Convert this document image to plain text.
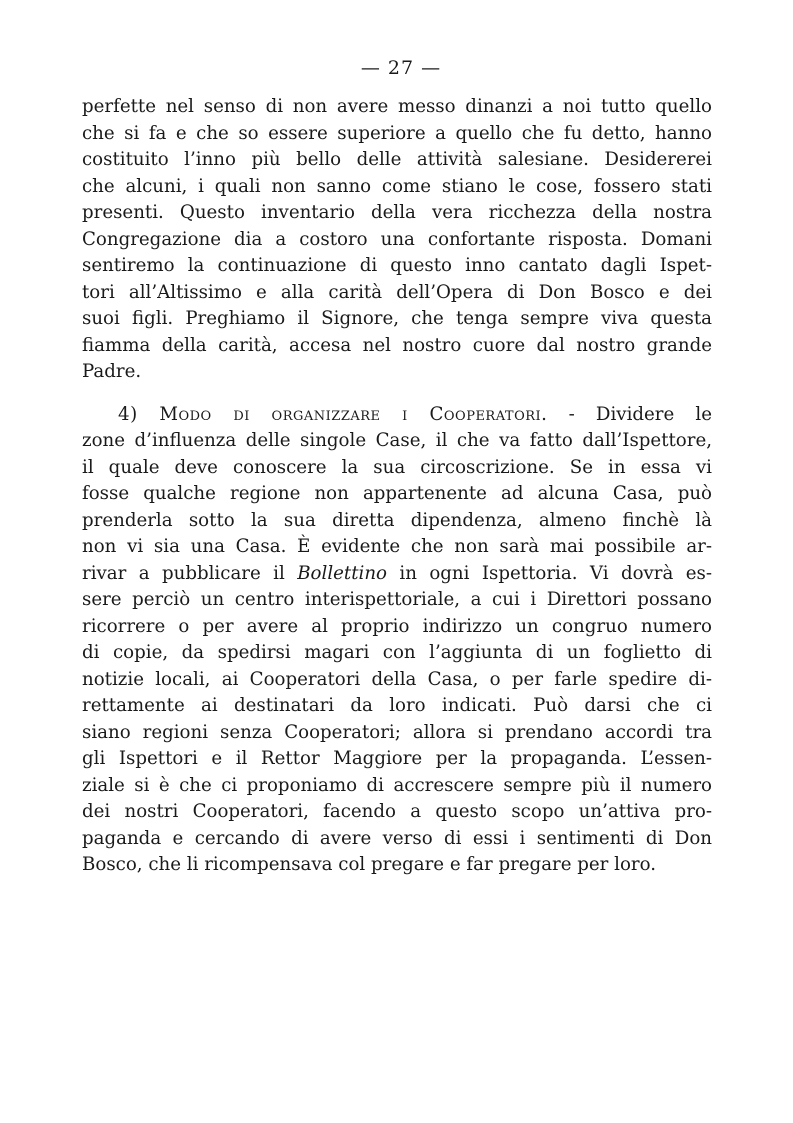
— 27 —

perfette nel senso di non avere messo dinanzi a noi tutto quello
che si fa e che so essere superiore a quello che fu detto, hanno
costituito l’inno più bello delle attività salesiane. Desidererei
che alcuni, i quali non sanno come stiano le cose, fossero stati
presenti. Questo inventario della vera ricchezza della nostra
Congregazione dia a costoro una confortante risposta. Domani
sentiremo la continuazione di questo inno cantato dagli Ispet-
tori all’Altissimo e alla carità dell’Opera di Don Bosco e dei
suoi figli. Preghiamo il Signore, che tenga sempre viva questa
fiamma della carità, accesa nel nostro cuore dal nostro grande
Padre.

4) Modo di organizzare i Cooperatori. - Dividere le
zone d’influenza delle singole Case, il che va fatto dall’Ispettore,
il quale deve conoscere la sua circoscrizione. Se in essa vi
fosse qualche regione non appartenente ad alcuna Casa, può
prenderla sotto la sua diretta dipendenza, almeno finchè là
non vi sia una Casa. È evidente che non sarà mai possibile ar-
rivar a pubblicare il Bollettino in ogni Ispettoria. Vi dovrà es-
sere perciò un centro interispettoriale, a cui i Direttori possano
ricorrere o per avere al proprio indirizzo un congruo numero
di copie, da spedirsi magari con l’aggiunta di un foglietto di
notizie locali, ai Cooperatori della Casa, o per farle spedire di-
rettamente ai destinatari da loro indicati. Può darsi che ci
siano regioni senza Cooperatori; allora si prendano accordi tra
gli Ispettori e il Rettor Maggiore per la propaganda. L’essen-
ziale si è che ci proponiamo di accrescere sempre più il numero
dei nostri Cooperatori, facendo a questo scopo un’attiva pro-
paganda e cercando di avere verso di essi i sentimenti di Don
Bosco, che li ricompensava col pregare e far pregare per loro.
